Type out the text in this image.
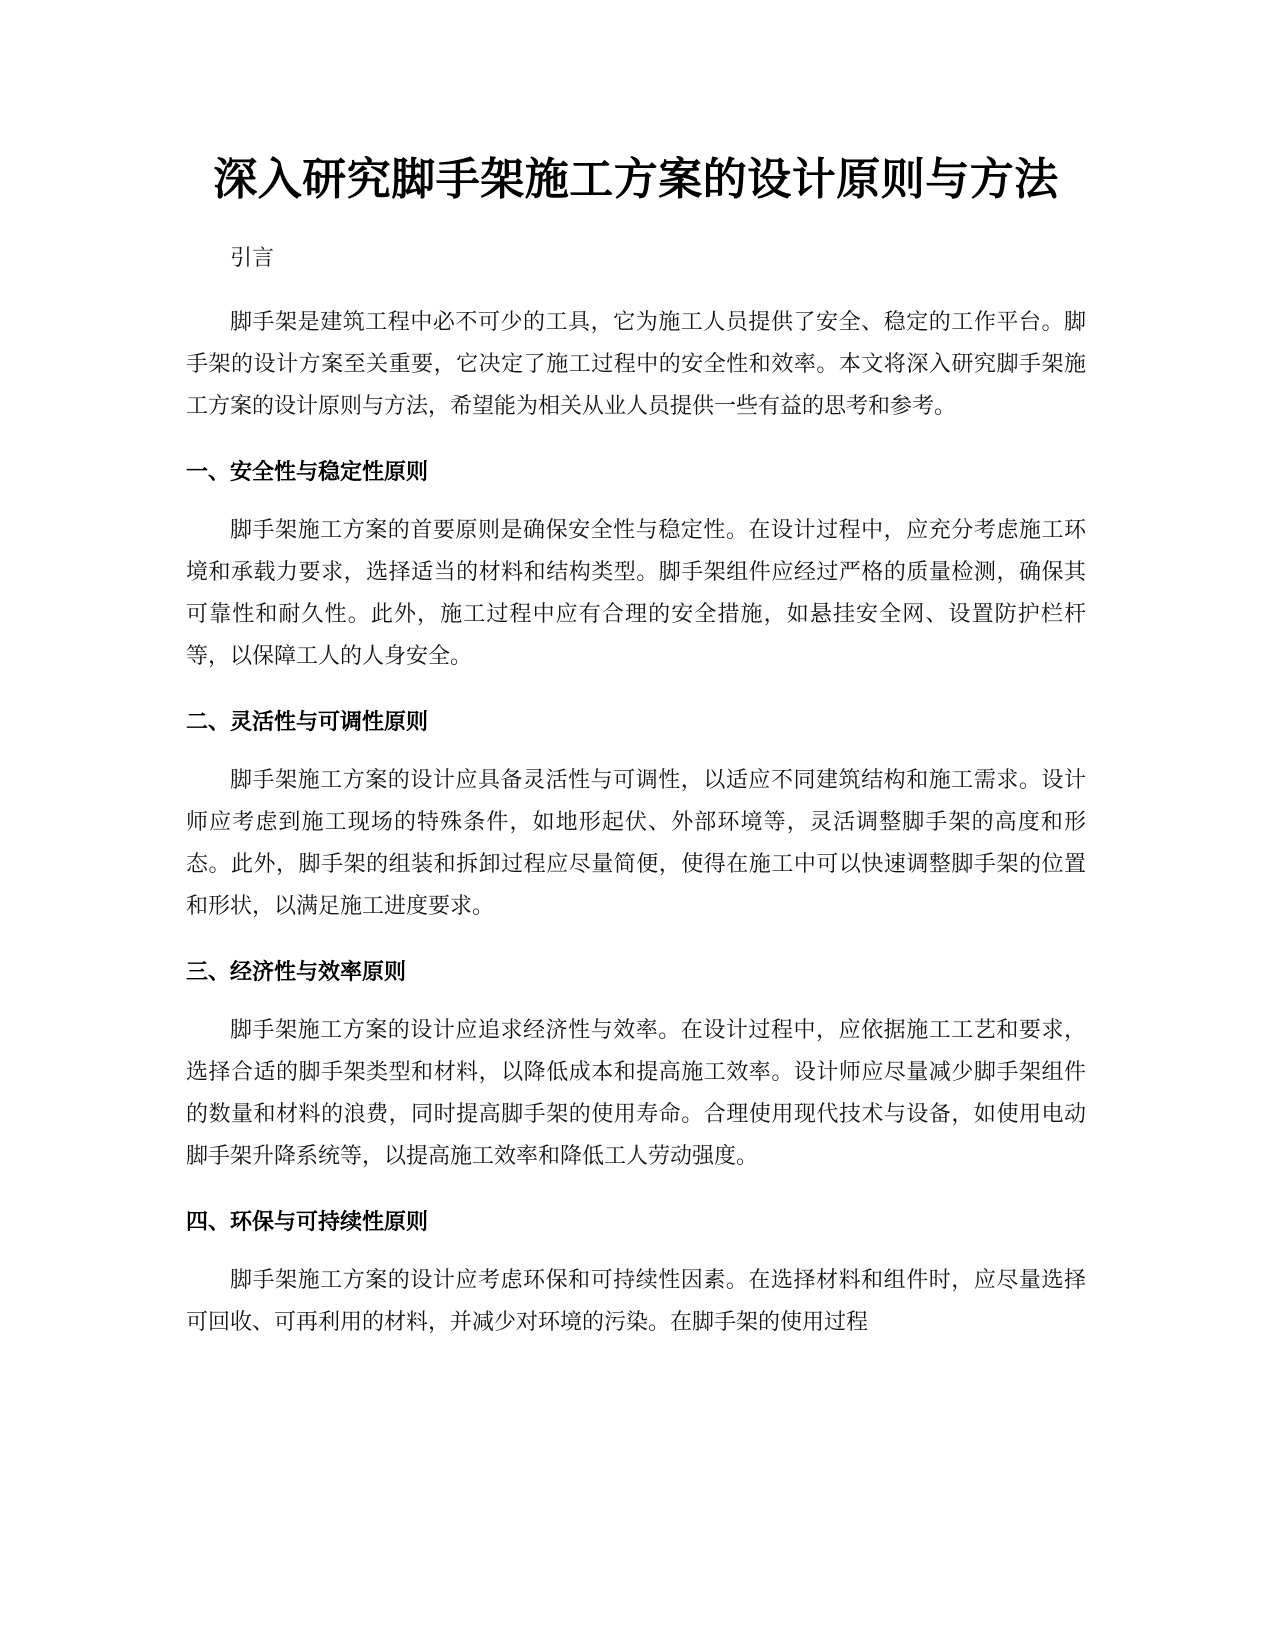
深入研究脚手架施工方案的设计原则与方法

引言

脚手架是建筑工程中必不可少的工具，它为施工人员提供了安全、稳定的工作平台。脚手架的设计方案至关重要，它决定了施工过程中的安全性和效率。本文将深入研究脚手架施工方案的设计原则与方法，希望能为相关从业人员提供一些有益的思考和参考。

一、安全性与稳定性原则

脚手架施工方案的首要原则是确保安全性与稳定性。在设计过程中，应充分考虑施工环境和承载力要求，选择适当的材料和结构类型。脚手架组件应经过严格的质量检测，确保其可靠性和耐久性。此外，施工过程中应有合理的安全措施，如悬挂安全网、设置防护栏杆等，以保障工人的人身安全。

二、灵活性与可调性原则

脚手架施工方案的设计应具备灵活性与可调性，以适应不同建筑结构和施工需求。设计师应考虑到施工现场的特殊条件，如地形起伏、外部环境等，灵活调整脚手架的高度和形态。此外，脚手架的组装和拆卸过程应尽量简便，使得在施工中可以快速调整脚手架的位置和形状，以满足施工进度要求。

三、经济性与效率原则

脚手架施工方案的设计应追求经济性与效率。在设计过程中，应依据施工工艺和要求，选择合适的脚手架类型和材料，以降低成本和提高施工效率。设计师应尽量减少脚手架组件的数量和材料的浪费，同时提高脚手架的使用寿命。合理使用现代技术与设备，如使用电动脚手架升降系统等，以提高施工效率和降低工人劳动强度。

四、环保与可持续性原则

脚手架施工方案的设计应考虑环保和可持续性因素。在选择材料和组件时，应尽量选择可回收、可再利用的材料，并减少对环境的污染。在脚手架的使用过程
